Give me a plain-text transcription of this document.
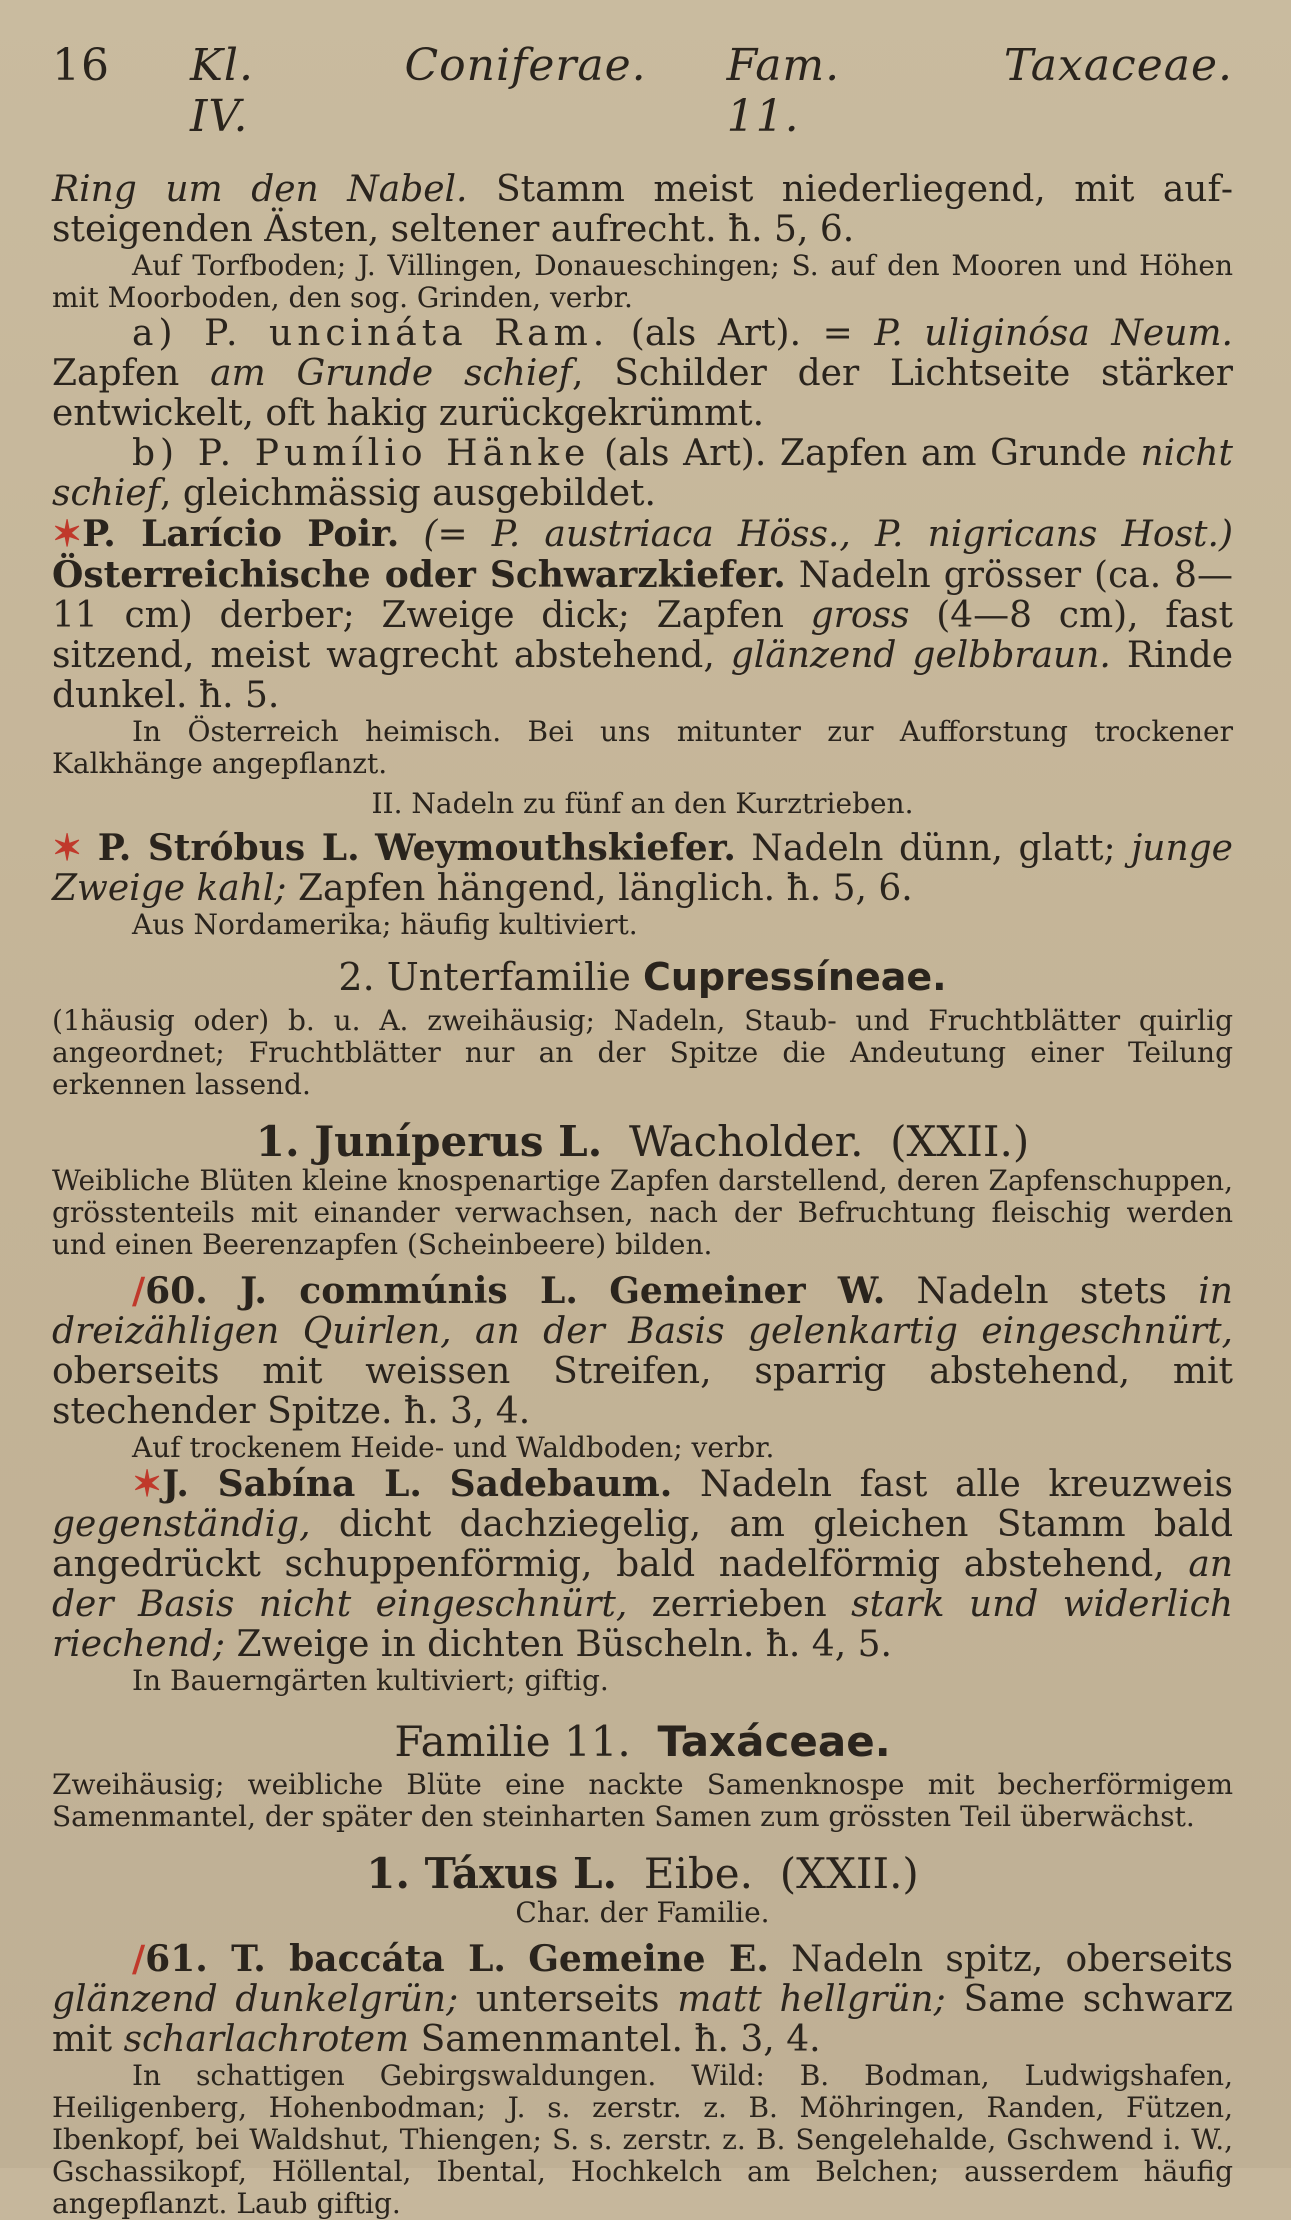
16 Kl. IV.
Coniferae. Fam. 11.
Taxaceae.

Ring um den Nabel. Stamm meist niederliegend, mit aufsteigenden Ästen, seltener aufrecht. ħ. 5, 6.

Auf Torfboden; J. Villingen, Donaueschingen; S. auf den Mooren und Höhen mit Moorboden, den sog. Grinden, verbr.

a) P. uncináta Ram. (als Art). = P. uliginósa Neum. Zapfen am Grunde schief, Schilder der Lichtseite stärker entwickelt, oft hakig zurückgekrümmt.

b) P. Pumílio Hänke (als Art). Zapfen am Grunde nicht schief, gleichmässig ausgebildet.

✶P. Larício Poir. (= P. austriaca Höss., P. nigricans Host.) Österreichische oder Schwarzkiefer. Nadeln grösser (ca. 8—11 cm) derber; Zweige dick; Zapfen gross (4—8 cm), fast sitzend, meist wagrecht abstehend, glänzend gelbbraun. Rinde dunkel. ħ. 5.

In Österreich heimisch. Bei uns mitunter zur Aufforstung trockener Kalkhänge angepflanzt.

II. Nadeln zu fünf an den Kurztrieben.

✶ P. Stróbus L. Weymouthskiefer. Nadeln dünn, glatt; junge Zweige kahl; Zapfen hängend, länglich. ħ. 5, 6.

Aus Nordamerika; häufig kultiviert.

2. Unterfamilie Cupressíneae.

(1häusig oder) b. u. A. zweihäusig; Nadeln, Staub- und Fruchtblätter quirlig angeordnet; Fruchtblätter nur an der Spitze die Andeutung einer Teilung erkennen lassend.

1. Juníperus L. Wacholder. (XXII.)

Weibliche Blüten kleine knospenartige Zapfen darstellend, deren Zapfenschuppen, grösstenteils mit einander verwachsen, nach der Befruchtung fleischig werden und einen Beerenzapfen (Scheinbeere) bilden.

∕60. J. commúnis L. Gemeiner W. Nadeln stets in dreizähligen Quirlen, an der Basis gelenkartig eingeschnürt, oberseits mit weissen Streifen, sparrig abstehend, mit stechender Spitze. ħ. 3, 4.

Auf trockenem Heide- und Waldboden; verbr.

✶J. Sabína L. Sadebaum. Nadeln fast alle kreuzweis gegenständig, dicht dachziegelig, am gleichen Stamm bald angedrückt schuppenförmig, bald nadelförmig abstehend, an der Basis nicht eingeschnürt, zerrieben stark und widerlich riechend; Zweige in dichten Büscheln. ħ. 4, 5.

In Bauerngärten kultiviert; giftig.

Familie 11. Taxáceae.

Zweihäusig; weibliche Blüte eine nackte Samenknospe mit becherförmigem Samenmantel, der später den steinharten Samen zum grössten Teil überwächst.

1. Táxus L. Eibe. (XXII.)

Char. der Familie.

∕61. T. baccáta L. Gemeine E. Nadeln spitz, oberseits glänzend dunkelgrün; unterseits matt hellgrün; Same schwarz mit scharlachrotem Samenmantel. ħ. 3, 4.

In schattigen Gebirgswaldungen. Wild: B. Bodman, Ludwigshafen, Heiligenberg, Hohenbodman; J. s. zerstr. z. B. Möhringen, Randen, Fützen, Ibenkopf, bei Waldshut, Thiengen; S. s. zerstr. z. B. Sengelehalde, Gschwend i. W., Gschassikopf, Höllental, Ibental, Hochkelch am Belchen; ausserdem häufig angepflanzt. Laub giftig.
